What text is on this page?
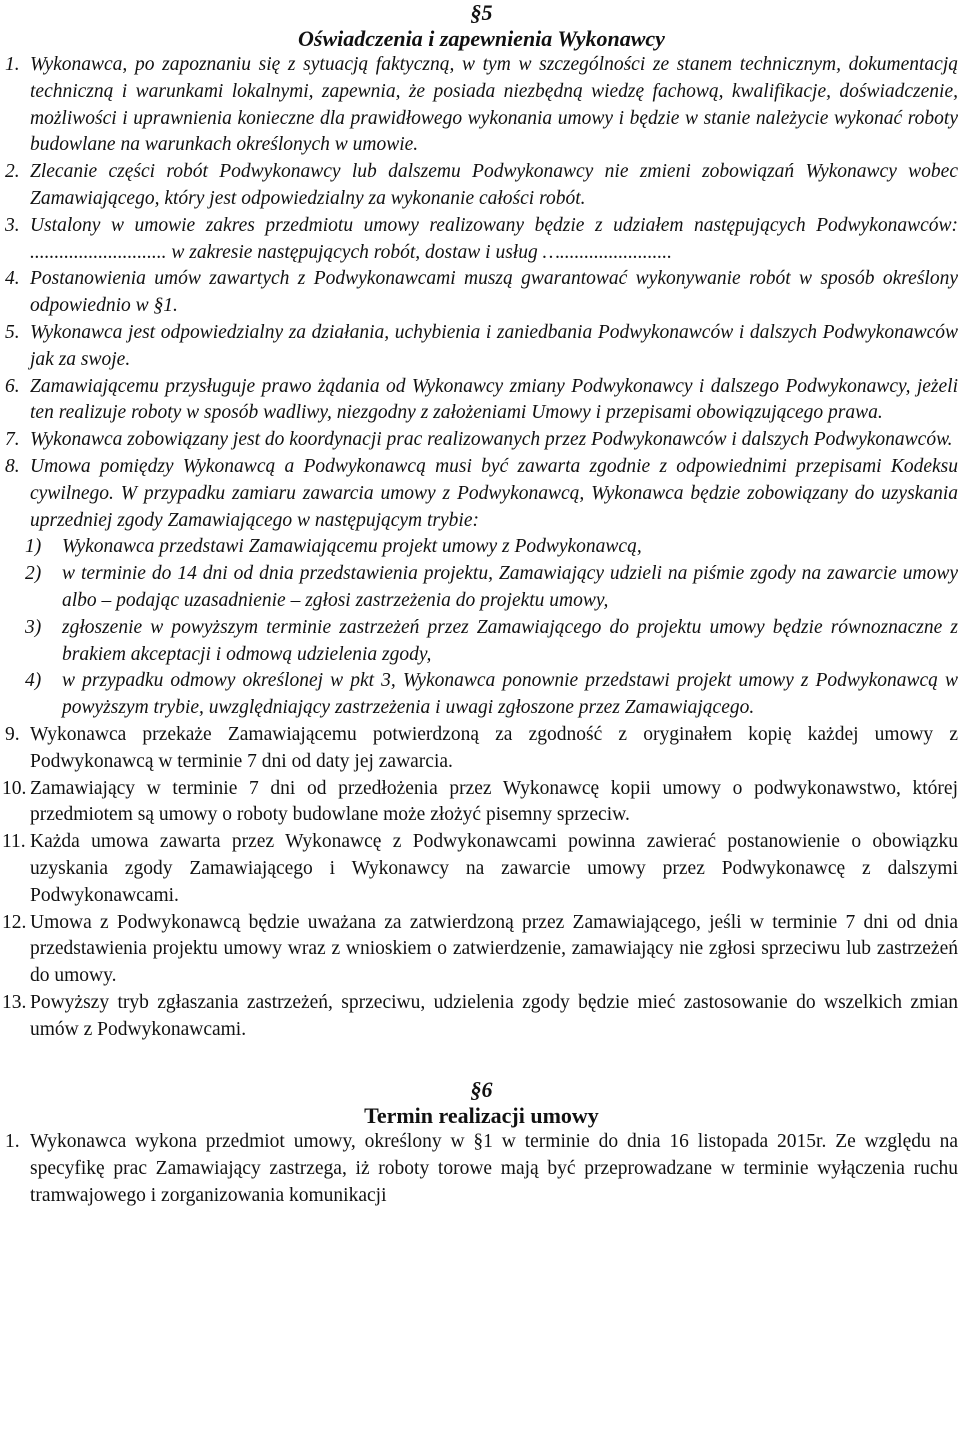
§5
Oświadczenia i zapewnienia Wykonawcy
1. Wykonawca, po zapoznaniu się z sytuacją faktyczną, w tym w szczególności ze stanem technicznym, dokumentacją techniczną i warunkami lokalnymi, zapewnia, że posiada niezbędną wiedzę fachową, kwalifikacje, doświadczenie, możliwości i uprawnienia konieczne dla prawidłowego wykonania umowy i będzie w stanie należycie wykonać roboty budowlane na warunkach określonych w umowie.
2. Zlecanie części robót Podwykonawcy lub dalszemu Podwykonawcy nie zmieni zobowiązań Wykonawcy wobec Zamawiającego, który jest odpowiedzialny za wykonanie całości robót.
3. Ustalony w umowie zakres przedmiotu umowy realizowany będzie z udziałem następujących Podwykonawców: ............................ w zakresie następujących robót, dostaw i usług ….......................
4. Postanowienia umów zawartych z Podwykonawcami muszą gwarantować wykonywanie robót w sposób określony odpowiednio w §1.
5. Wykonawca jest odpowiedzialny za działania, uchybienia i zaniedbania Podwykonawców i dalszych Podwykonawców jak za swoje.
6. Zamawiającemu przysługuje prawo żądania od Wykonawcy zmiany Podwykonawcy i dalszego Podwykonawcy, jeżeli ten realizuje roboty w sposób wadliwy, niezgodny z założeniami Umowy i przepisami obowiązującego prawa.
7. Wykonawca zobowiązany jest do koordynacji prac realizowanych przez Podwykonawców i dalszych Podwykonawców.
8. Umowa pomiędzy Wykonawcą a Podwykonawcą musi być zawarta zgodnie z odpowiednimi przepisami Kodeksu cywilnego. W przypadku zamiaru zawarcia umowy z Podwykonawcą, Wykonawca będzie zobowiązany do uzyskania uprzedniej zgody Zamawiającego w następującym trybie:
1) Wykonawca przedstawi Zamawiającemu projekt umowy z Podwykonawcą,
2) w terminie do 14 dni od dnia przedstawienia projektu, Zamawiający udzieli na piśmie zgody na zawarcie umowy albo – podając uzasadnienie – zgłosi zastrzeżenia do projektu umowy,
3) zgłoszenie w powyższym terminie zastrzeżeń przez Zamawiającego do projektu umowy będzie równoznaczne z brakiem akceptacji i odmową udzielenia zgody,
4) w przypadku odmowy określonej w pkt 3, Wykonawca ponownie przedstawi projekt umowy z Podwykonawcą w powyższym trybie, uwzględniający zastrzeżenia i uwagi zgłoszone przez Zamawiającego.
9. Wykonawca przekaże Zamawiającemu potwierdzoną za zgodność z oryginałem kopię każdej umowy z Podwykonawcą w terminie 7 dni od daty jej zawarcia.
10. Zamawiający w terminie 7 dni od przedłożenia przez Wykonawcę kopii umowy o podwykonawstwo, której przedmiotem są umowy o roboty budowlane może złożyć pisemny sprzeciw.
11. Każda umowa zawarta przez Wykonawcę z Podwykonawcami powinna zawierać postanowienie o obowiązku uzyskania zgody Zamawiającego i Wykonawcy na zawarcie umowy przez Podwykonawcę z dalszymi Podwykonawcami.
12. Umowa z Podwykonawcą będzie uważana za zatwierdzoną przez Zamawiającego, jeśli w terminie 7 dni od dnia przedstawienia projektu umowy wraz z wnioskiem o zatwierdzenie, zamawiający nie zgłosi sprzeciwu lub zastrzeżeń do umowy.
13. Powyższy tryb zgłaszania zastrzeżeń, sprzeciwu, udzielenia zgody będzie mieć zastosowanie do wszelkich zmian umów z Podwykonawcami.
§6
Termin realizacji umowy
1. Wykonawca wykona przedmiot umowy, określony w §1 w terminie do dnia 16 listopada 2015r. Ze względu na specyfikę prac Zamawiający zastrzega, iż roboty torowe mają być przeprowadzane w terminie wyłączenia ruchu tramwajowego i zorganizowania komunikacji
